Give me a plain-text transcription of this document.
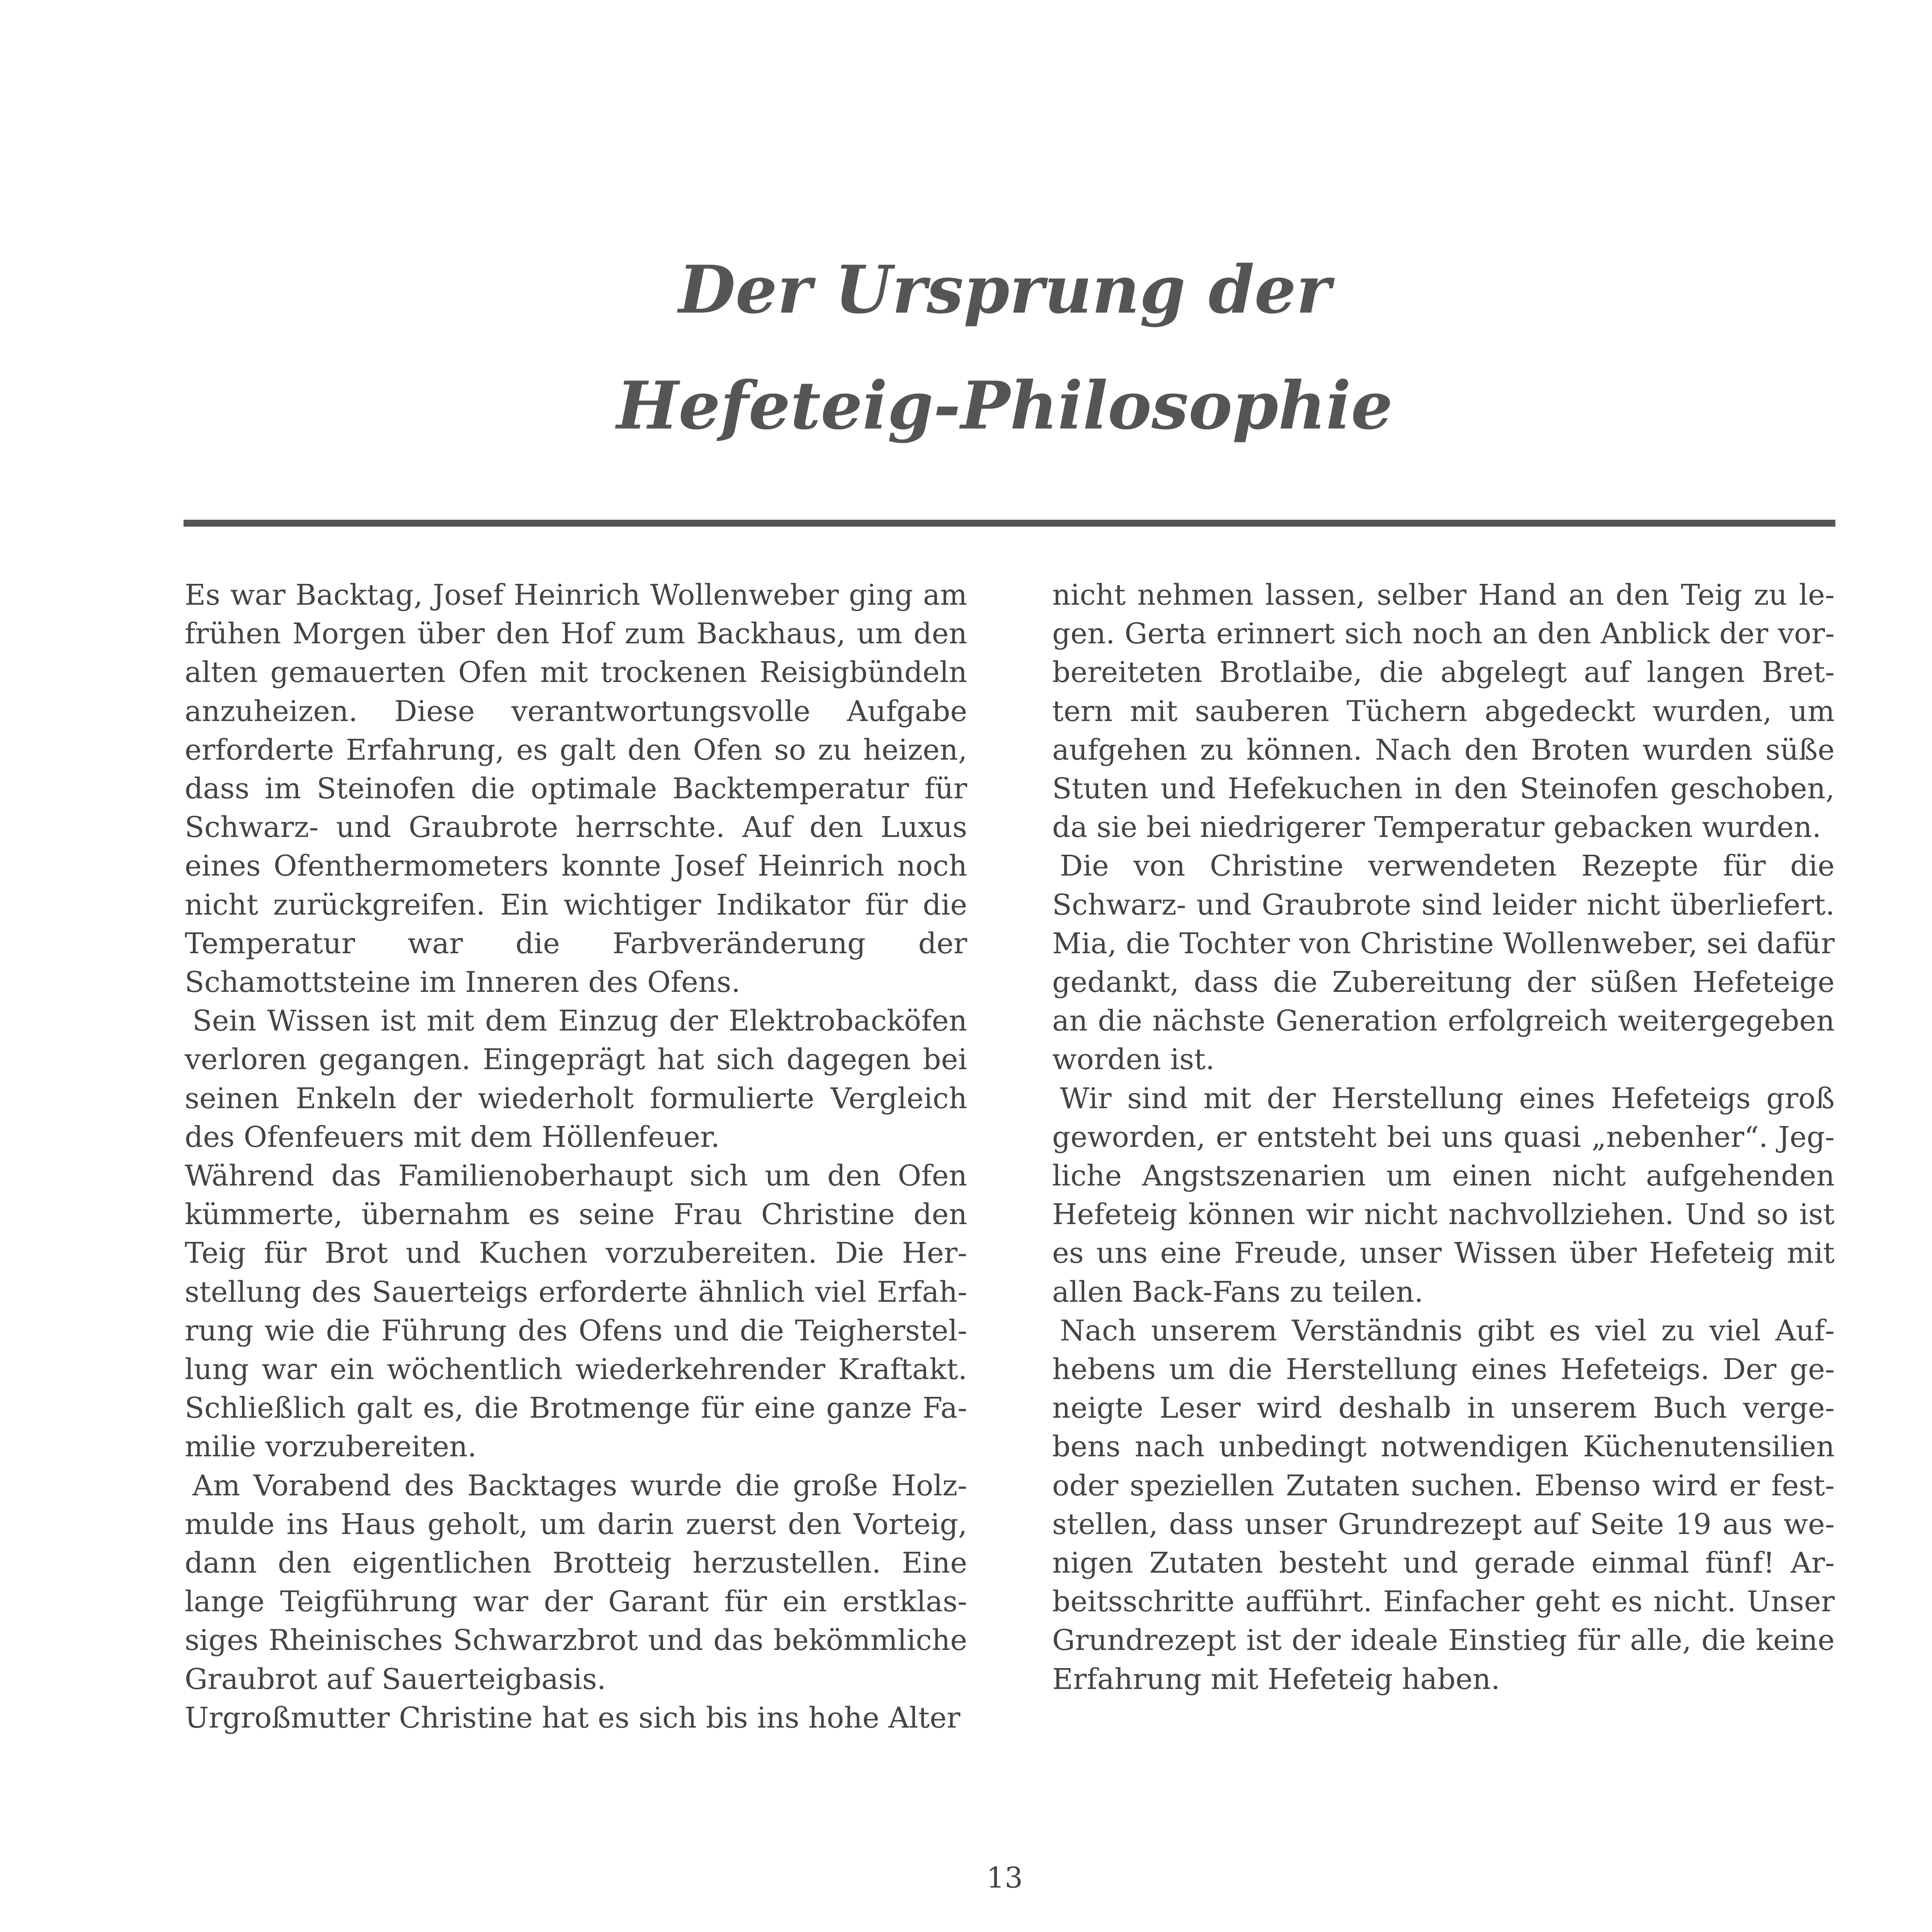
Der Ursprung der
Hefeteig-Philosophie

Es war Backtag, Josef Heinrich Wollenweber ging am frühen Morgen über den Hof zum Backhaus, um den alten gemauerten Ofen mit trockenen Reisigbündeln anzuheizen. Diese verantwortungsvolle Aufgabe erforderte Erfahrung, es galt den Ofen so zu heizen, dass im Steinofen die optimale Backtemperatur für Schwarz- und Graubrote herrschte. Auf den Luxus eines Ofenthermometers konnte Josef Heinrich noch nicht zurückgreifen. Ein wichtiger Indikator für die Temperatur war die Farbveränderung der Schamottsteine im Inneren des Ofens.

Sein Wissen ist mit dem Einzug der Elektrobacköfen verloren gegangen. Eingeprägt hat sich dagegen bei seinen Enkeln der wiederholt formulierte Vergleich des Ofenfeuers mit dem Höllenfeuer.

Während das Familienoberhaupt sich um den Ofen kümmerte, übernahm es seine Frau Christine den Teig für Brot und Kuchen vorzubereiten. Die Herstellung des Sauerteigs erforderte ähnlich viel Erfahrung wie die Führung des Ofens und die Teigherstellung war ein wöchentlich wiederkehrender Kraftakt. Schließlich galt es, die Brotmenge für eine ganze Familie vorzubereiten.

Am Vorabend des Backtages wurde die große Holzmulde ins Haus geholt, um darin zuerst den Vorteig, dann den eigentlichen Brotteig herzustellen. Eine lange Teigführung war der Garant für ein erstklassiges Rheinisches Schwarzbrot und das bekömmliche Graubrot auf Sauerteigbasis.

Urgroßmutter Christine hat es sich bis ins hohe Alter

nicht nehmen lassen, selber Hand an den Teig zu legen. Gerta erinnert sich noch an den Anblick der vorbereiteten Brotlaibe, die abgelegt auf langen Brettern mit sauberen Tüchern abgedeckt wurden, um aufgehen zu können. Nach den Broten wurden süße Stuten und Hefekuchen in den Steinofen geschoben, da sie bei niedrigerer Temperatur gebacken wurden.

Die von Christine verwendeten Rezepte für die Schwarz- und Graubrote sind leider nicht überliefert. Mia, die Tochter von Christine Wollenweber, sei dafür gedankt, dass die Zubereitung der süßen Hefeteige an die nächste Generation erfolgreich weitergegeben worden ist.

Wir sind mit der Herstellung eines Hefeteigs groß geworden, er entsteht bei uns quasi „nebenher“. Jegliche Angstszenarien um einen nicht aufgehenden Hefeteig können wir nicht nachvollziehen. Und so ist es uns eine Freude, unser Wissen über Hefeteig mit allen Back-Fans zu teilen.

Nach unserem Verständnis gibt es viel zu viel Aufhebens um die Herstellung eines Hefeteigs. Der geneigte Leser wird deshalb in unserem Buch vergebens nach unbedingt notwendigen Küchenutensilien oder speziellen Zutaten suchen. Ebenso wird er feststellen, dass unser Grundrezept auf Seite 19 aus wenigen Zutaten besteht und gerade einmal fünf! Arbeitsschritte aufführt. Einfacher geht es nicht. Unser Grundrezept ist der ideale Einstieg für alle, die keine Erfahrung mit Hefeteig haben.

13
